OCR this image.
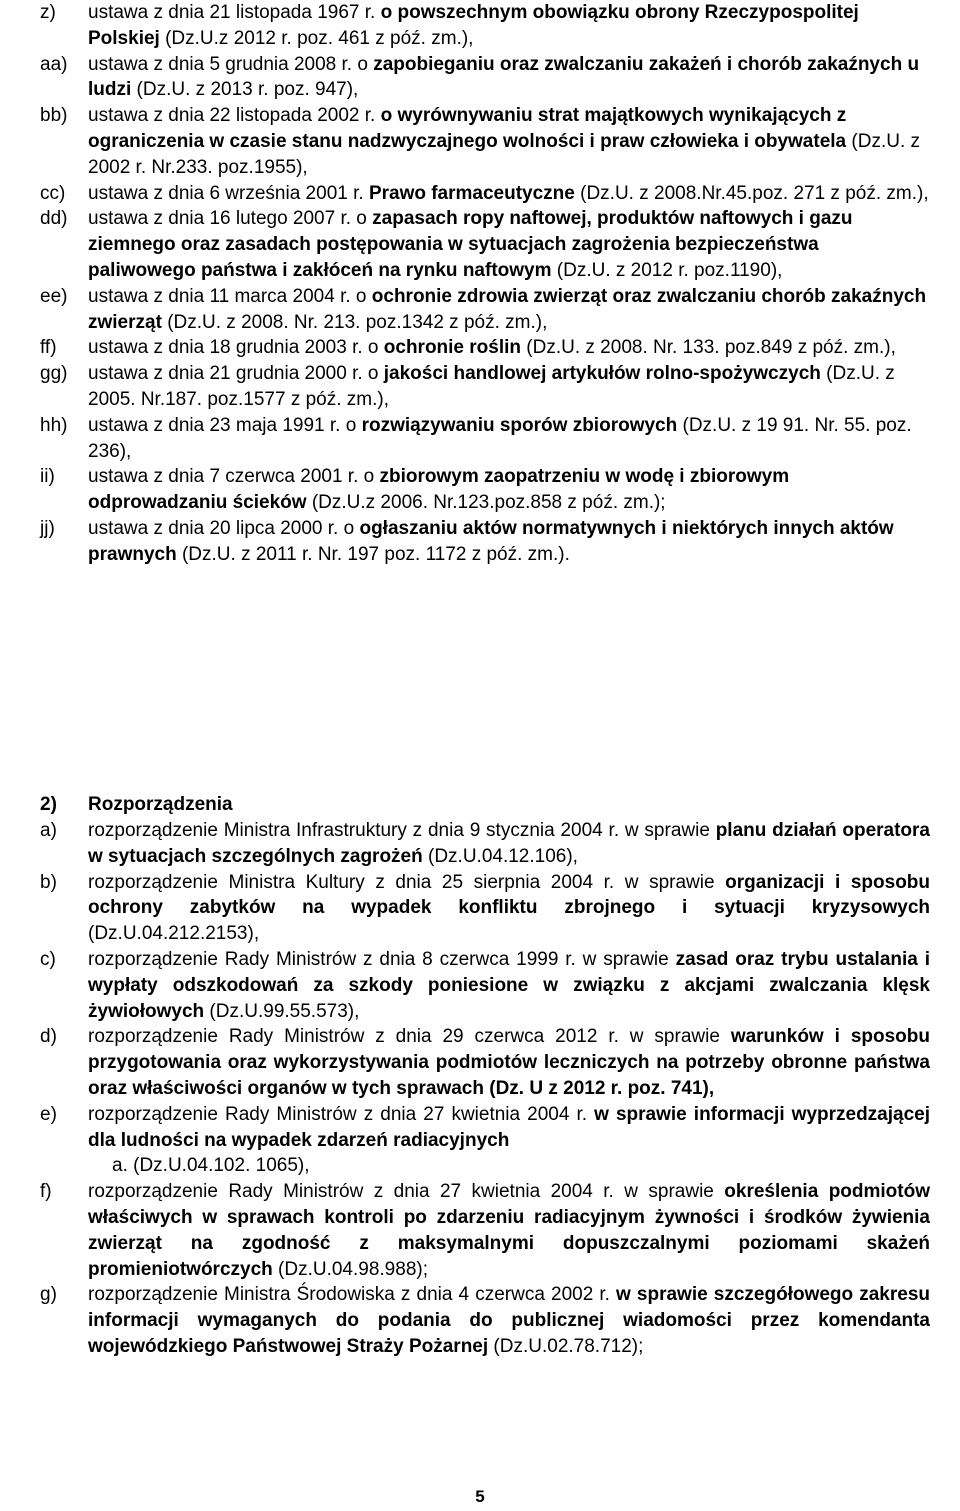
z)	ustawa z dnia 21 listopada 1967 r. o powszechnym obowiązku obrony Rzeczypospolitej Polskiej (Dz.U.z 2012 r. poz. 461 z póź. zm.),
aa)	ustawa z dnia 5 grudnia 2008 r. o zapobieganiu oraz zwalczaniu zakażeń i chorób zakaźnych u ludzi (Dz.U. z 2013 r. poz. 947),
bb)	ustawa z dnia 22 listopada 2002 r. o wyrównywaniu strat majątkowych wynikających z ograniczenia w czasie stanu nadzwyczajnego wolności i praw człowieka i obywatela (Dz.U. z 2002 r. Nr.233. poz.1955),
cc)	ustawa z dnia 6 września 2001 r. Prawo farmaceutyczne (Dz.U. z 2008.Nr.45.poz. 271 z póź. zm.),
dd)	ustawa z dnia 16 lutego 2007 r. o zapasach ropy naftowej, produktów naftowych i gazu ziemnego oraz zasadach postępowania w sytuacjach zagrożenia bezpieczeństwa paliwowego państwa i zakłóceń na rynku naftowym (Dz.U. z 2012 r. poz.1190),
ee)	ustawa z dnia 11 marca 2004 r. o ochronie zdrowia zwierząt oraz zwalczaniu chorób zakaźnych zwierząt (Dz.U. z 2008. Nr. 213. poz.1342 z póź. zm.),
ff)	ustawa z dnia 18 grudnia 2003 r. o ochronie roślin (Dz.U. z 2008. Nr. 133. poz.849 z póź. zm.),
gg)	ustawa z dnia 21 grudnia 2000 r. o jakości handlowej artykułów rolno-spożywczych (Dz.U. z 2005. Nr.187. poz.1577 z póź. zm.),
hh)	ustawa z dnia 23 maja 1991 r. o rozwiązywaniu sporów zbiorowych (Dz.U. z 19 91. Nr. 55. poz. 236),
ii)	ustawa z dnia 7 czerwca 2001 r. o zbiorowym zaopatrzeniu w wodę i zbiorowym odprowadzaniu ścieków (Dz.U.z 2006. Nr.123.poz.858 z póź. zm.);
jj)	ustawa z dnia 20 lipca 2000 r. o ogłaszaniu aktów normatywnych i niektórych innych aktów prawnych (Dz.U. z 2011 r. Nr. 197 poz. 1172 z póź. zm.).
2) Rozporządzenia
a)	rozporządzenie Ministra Infrastruktury z dnia 9 stycznia 2004 r. w sprawie planu działań operatora w sytuacjach szczególnych zagrożeń (Dz.U.04.12.106),
b)	rozporządzenie Ministra Kultury z dnia 25 sierpnia 2004 r. w sprawie organizacji i sposobu ochrony zabytków na wypadek konfliktu zbrojnego i sytuacji kryzysowych (Dz.U.04.212.2153),
c)	rozporządzenie Rady Ministrów z dnia 8 czerwca 1999 r. w sprawie zasad oraz trybu ustalania i wypłaty odszkodowań za szkody poniesione w związku z akcjami zwalczania klęsk żywiołowych (Dz.U.99.55.573),
d)	rozporządzenie Rady Ministrów z dnia 29 czerwca 2012 r. w sprawie warunków i sposobu przygotowania oraz wykorzystywania podmiotów leczniczych na potrzeby obronne państwa oraz właściwości organów w tych sprawach (Dz. U z 2012 r. poz. 741),
e)	rozporządzenie Rady Ministrów z dnia 27 kwietnia 2004 r. w sprawie informacji wyprzedzającej dla ludności na wypadek zdarzeń radiacyjnych
a. (Dz.U.04.102. 1065),
f)	rozporządzenie Rady Ministrów z dnia 27 kwietnia 2004 r. w sprawie określenia podmiotów właściwych w sprawach kontroli po zdarzeniu radiacyjnym żywności i środków żywienia zwierząt na zgodność z maksymalnymi dopuszczalnymi poziomami skażeń promieniotwórczych (Dz.U.04.98.988);
g)	rozporządzenie Ministra Środowiska z dnia 4 czerwca 2002 r. w sprawie szczegółowego zakresu informacji wymaganych do podania do publicznej wiadomości przez komendanta wojewódzkiego Państwowej Straży Pożarnej (Dz.U.02.78.712);
5
